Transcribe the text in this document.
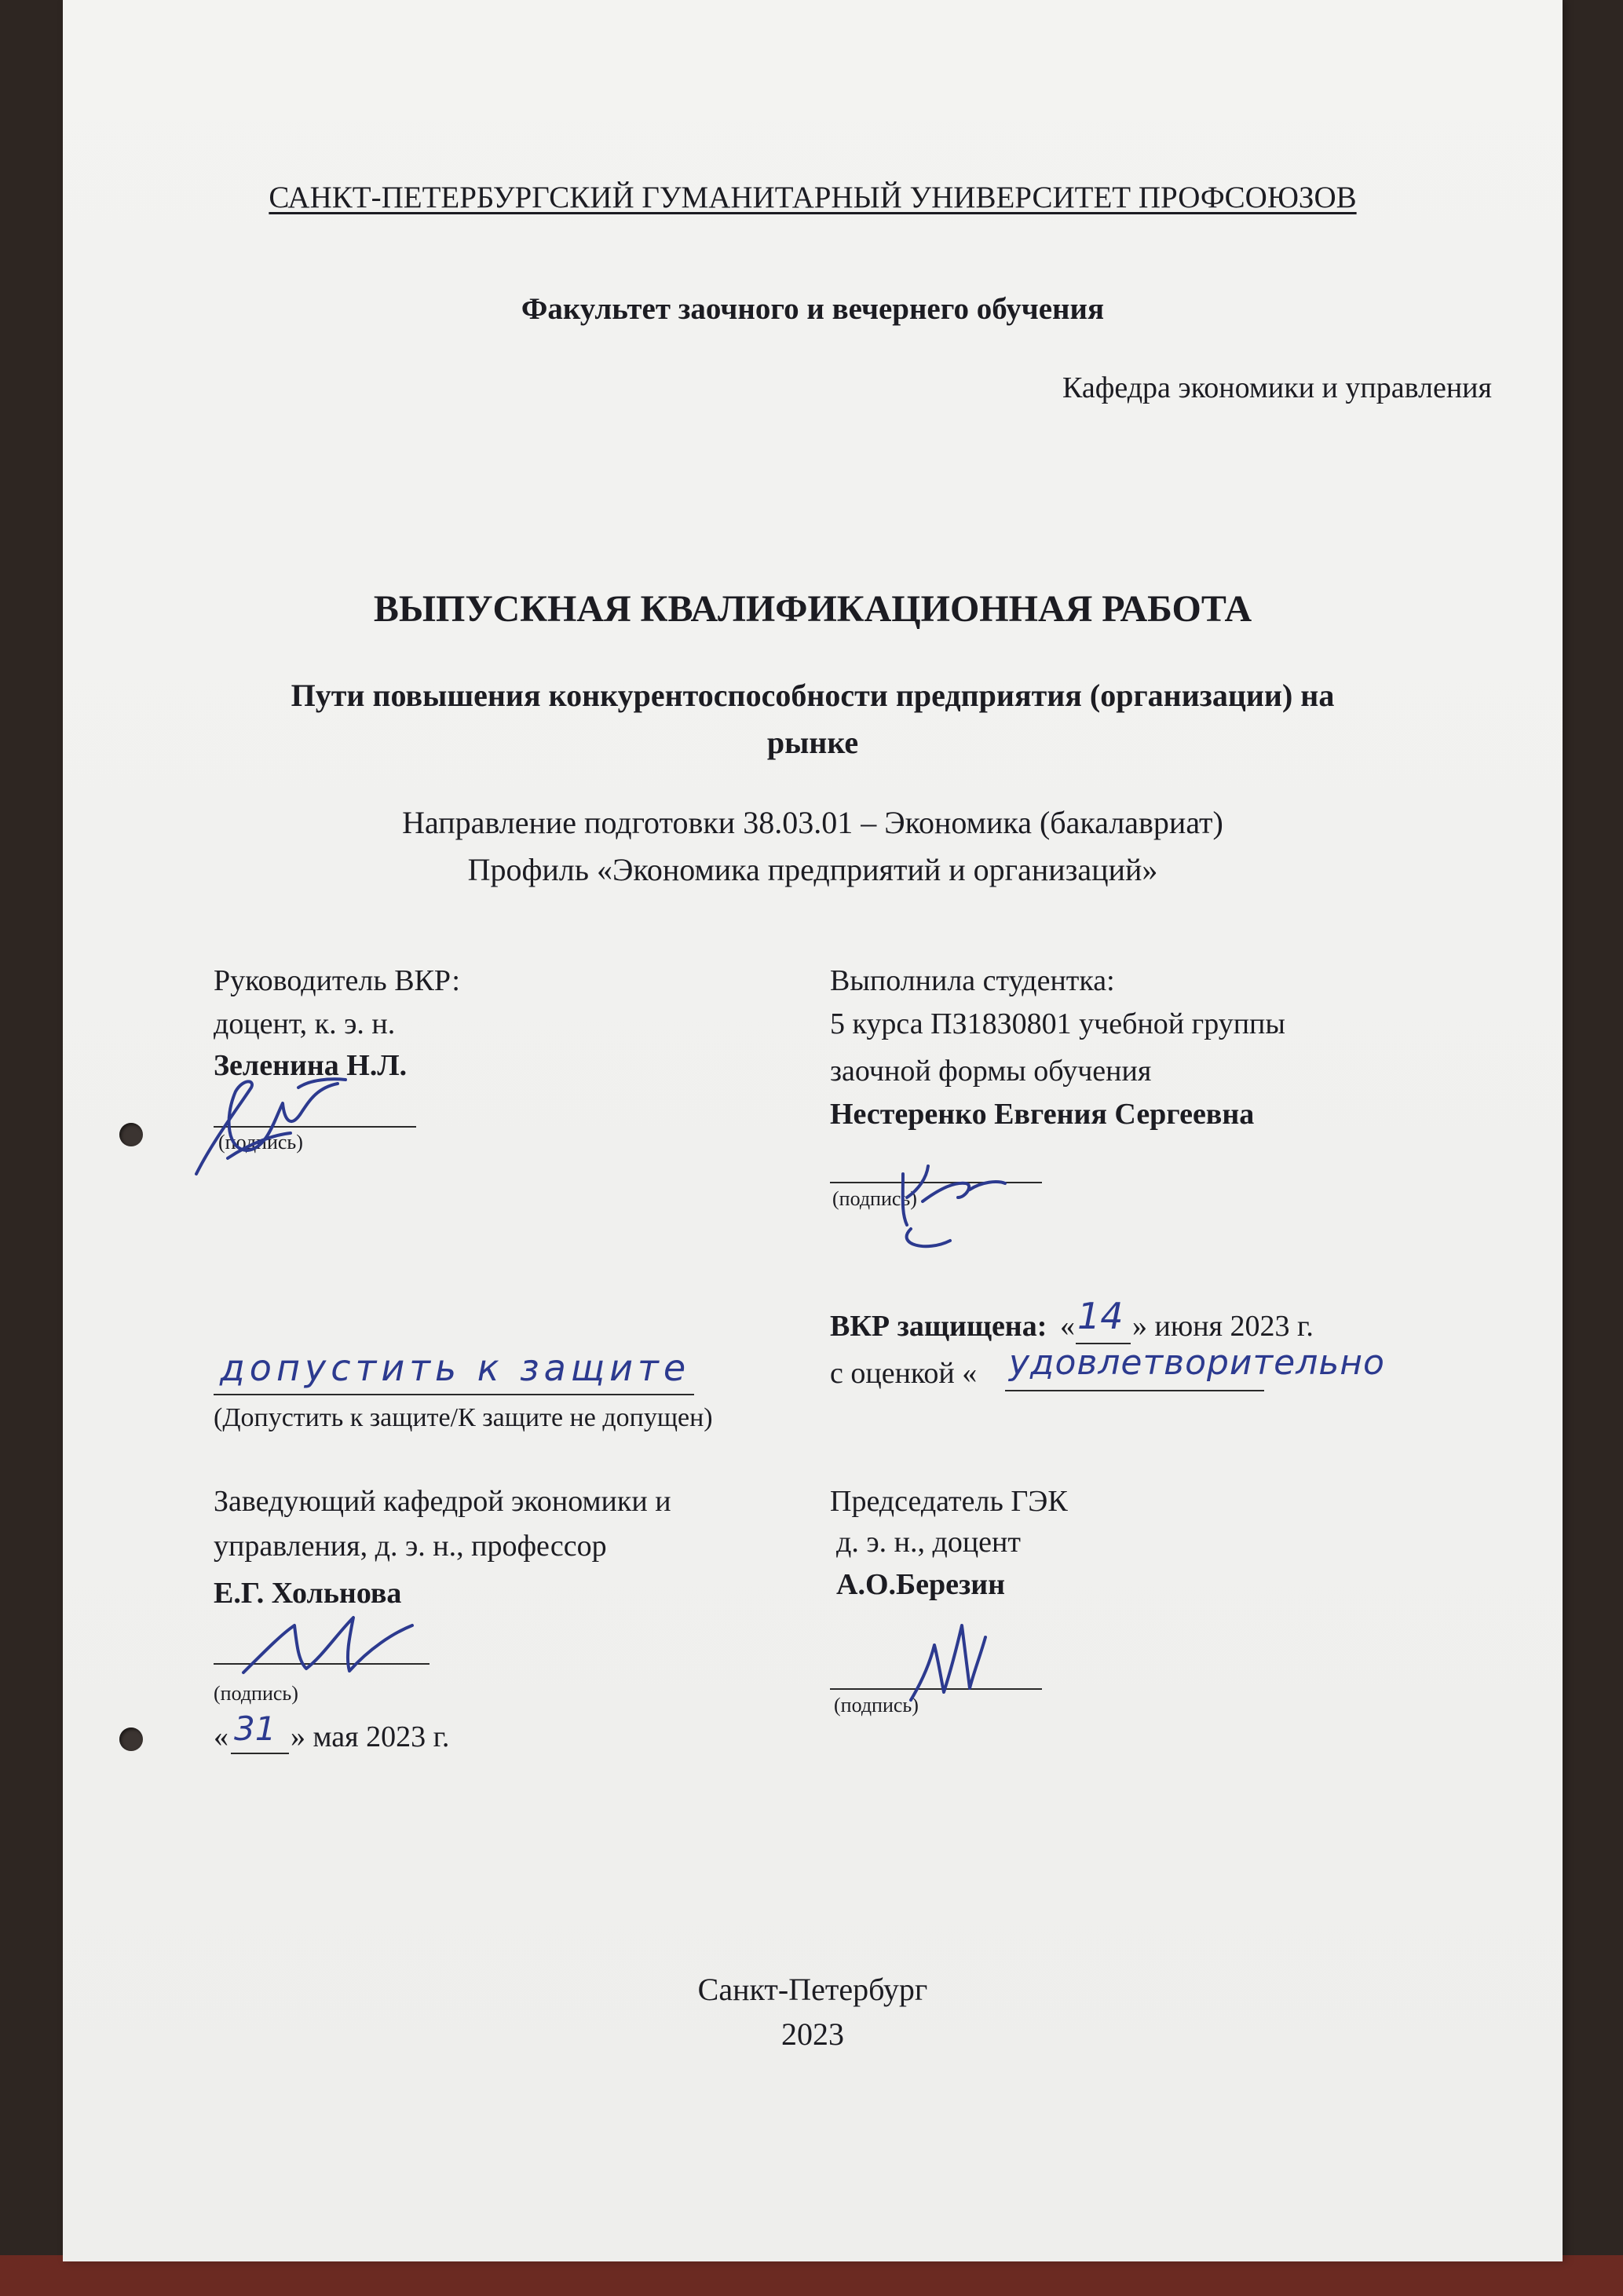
САНКТ-ПЕТЕРБУРГСКИЙ ГУМАНИТАРНЫЙ УНИВЕРСИТЕТ ПРОФСОЮЗОВ
Факультет заочного и вечернего обучения
Кафедра экономики и управления
ВЫПУСКНАЯ КВАЛИФИКАЦИОННАЯ РАБОТА
Пути повышения конкурентоспособности предприятия (организации) на
рынке
Направление подготовки 38.03.01 – Экономика (бакалавриат)
Профиль «Экономика предприятий и организаций»
Руководитель ВКР:
доцент, к. э. н.
Зеленина Н.Л.
(подпись)
Выполнила студентка:
5 курса ПЗ18З0801 учебной группы
заочной формы обучения
Нестеренко Евгения Сергеевна
(подпись)
ВКР защищена: « 14 » июня 2023 г.
с оценкой « удовлетворительно
допустить к защите
(Допустить к защите/К защите не допущен)
Заведующий кафедрой экономики и
управления, д. э. н., профессор
Е.Г. Хольнова
(подпись)
« 31 » мая 2023 г.
Председатель ГЭК
д. э. н., доцент
А.О.Березин
(подпись)
Санкт-Петербург
2023
